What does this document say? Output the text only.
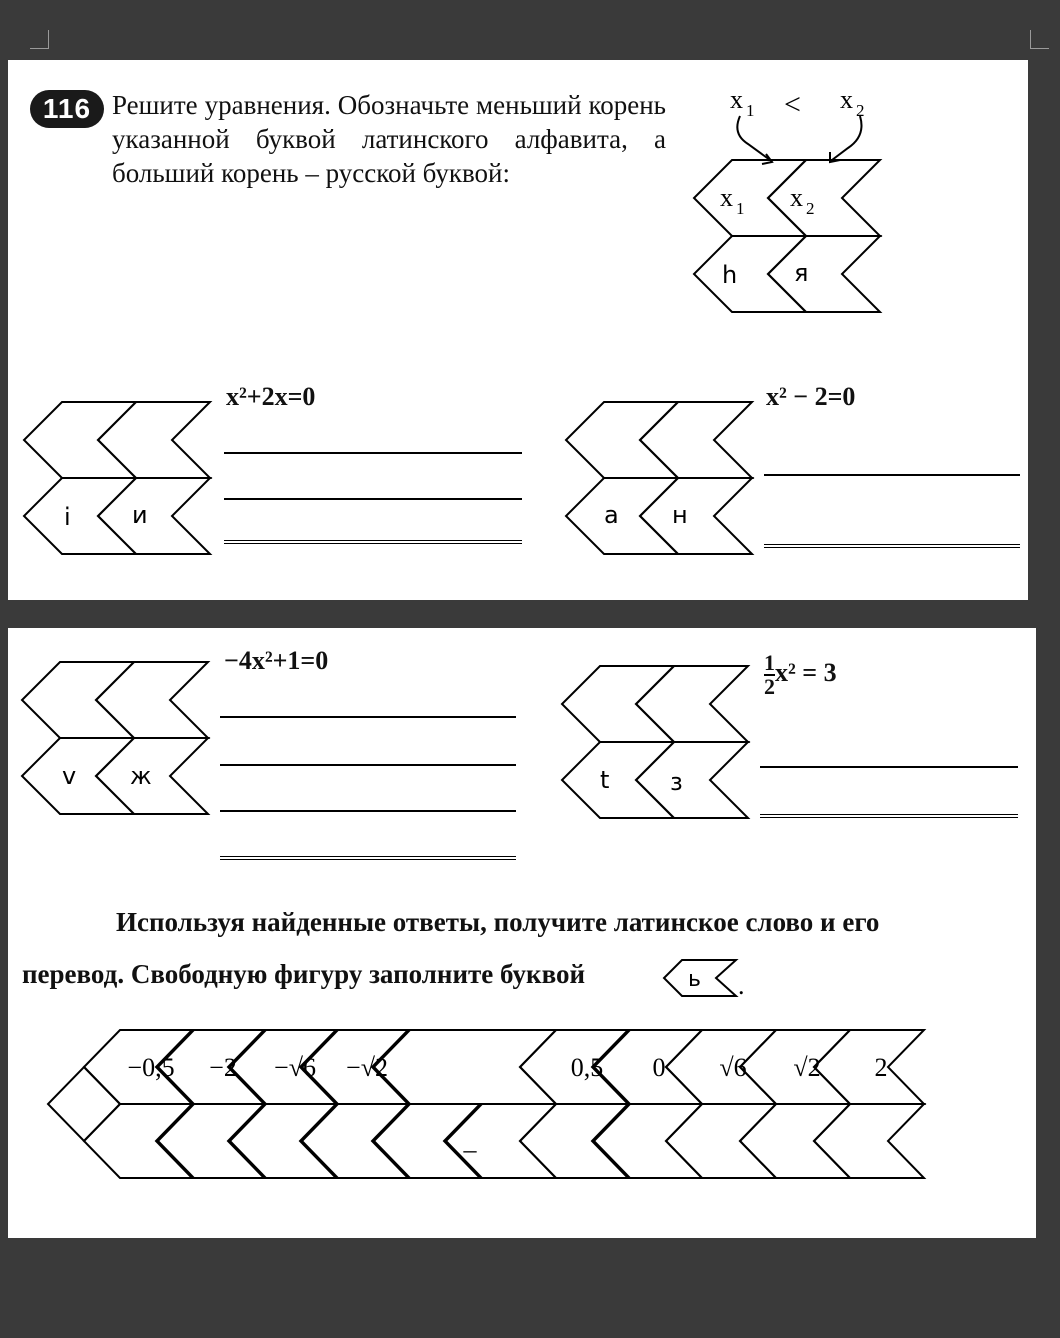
116 Решите уравнения. Обозначьте меньший корень указанной буквой латинского алфавита, а больший корень – русской буквой:
x 1 < x 2
x 1 x 2
h я
i	и
x²+2x=0
a н
x² − 2=0
v ж
−4x²+1=0
t	з
$\frac{1}{2} x^2 = 3$
Используя найденные ответы, получите латинское слово и его
перевод. Свободную фигуру заполните буквой	ь .
−0,5 −2 −√6 −√2	0,5 0 √6 √2 2
–
